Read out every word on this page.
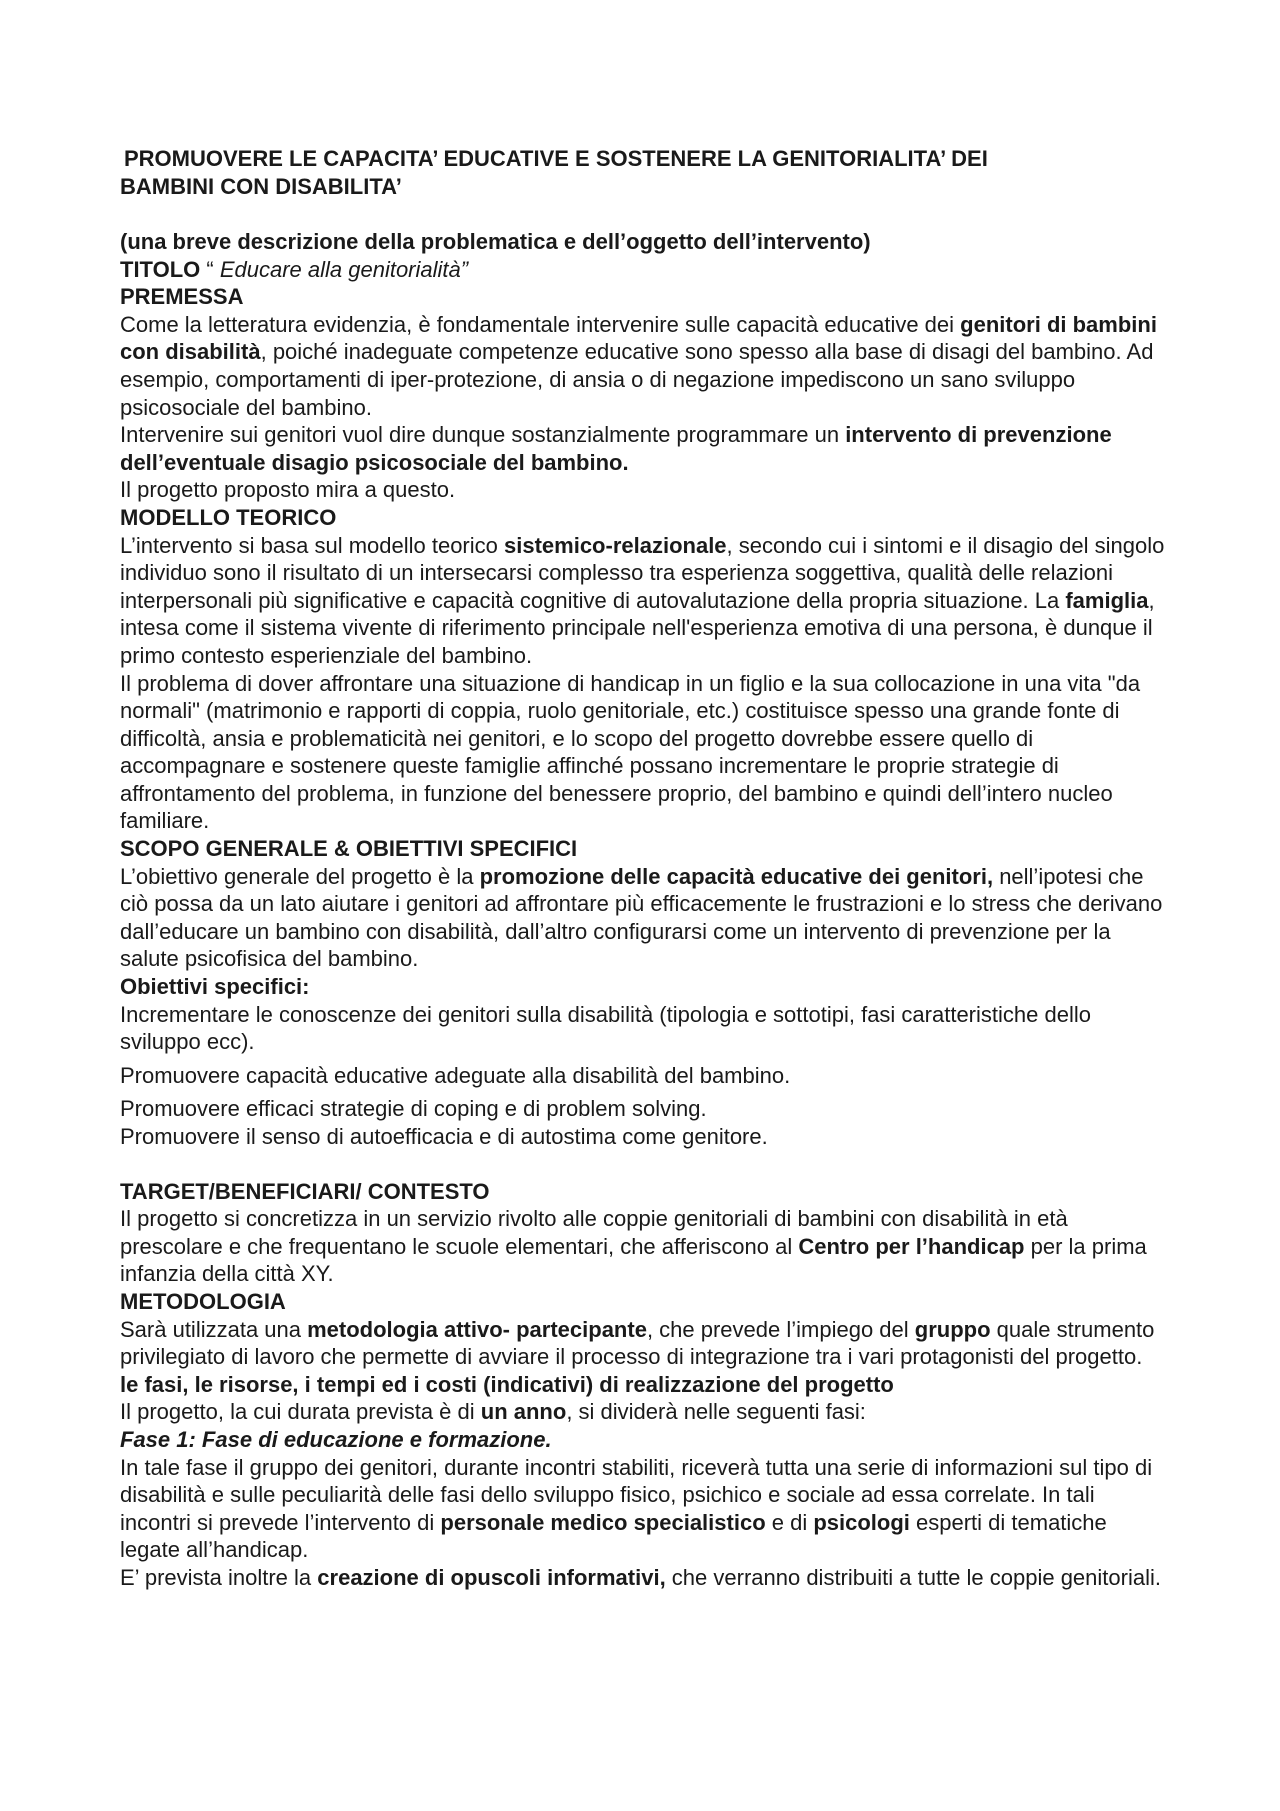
PROMUOVERE LE CAPACITA’ EDUCATIVE E SOSTENERE LA GENITORIALITA’ DEI
BAMBINI CON DISABILITA’

(una breve descrizione della problematica e dell’oggetto dell’intervento)

TITOLO “ Educare alla genitorialità”

PREMESSA

Come la letteratura evidenzia, è fondamentale intervenire sulle capacità educative dei genitori di bambini con disabilità, poiché inadeguate competenze educative sono spesso alla base di disagi del bambino. Ad esempio, comportamenti di iper-protezione, di ansia o di negazione impediscono un sano sviluppo psicosociale del bambino.

Intervenire sui genitori vuol dire dunque sostanzialmente programmare un intervento di prevenzione dell’eventuale disagio psicosociale del bambino.

Il progetto proposto mira a questo.

MODELLO TEORICO

L’intervento si basa sul modello teorico sistemico-relazionale, secondo cui i sintomi e il disagio del singolo individuo sono il risultato di un intersecarsi complesso tra esperienza soggettiva, qualità delle relazioni interpersonali più significative e capacità cognitive di autovalutazione della propria situazione. La famiglia, intesa come il sistema vivente di riferimento principale nell'esperienza emotiva di una persona, è dunque il primo contesto esperienziale del bambino.

Il problema di dover affrontare una situazione di handicap in un figlio e la sua collocazione in una vita "da normali" (matrimonio e rapporti di coppia, ruolo genitoriale, etc.) costituisce spesso una grande fonte di difficoltà, ansia e problematicità nei genitori, e lo scopo del progetto dovrebbe essere quello di accompagnare e sostenere queste famiglie affinché possano incrementare le proprie strategie di affrontamento del problema, in funzione del benessere proprio, del bambino e quindi dell’intero nucleo familiare.

SCOPO GENERALE & OBIETTIVI SPECIFICI

L’obiettivo generale del progetto è la promozione delle capacità educative dei genitori, nell’ipotesi che ciò possa da un lato aiutare i genitori ad affrontare più efficacemente le frustrazioni e lo stress che derivano dall’educare un bambino con disabilità, dall’altro configurarsi come un intervento di prevenzione per la salute psicofisica del bambino.

Obiettivi specifici:

Incrementare le conoscenze dei genitori sulla disabilità (tipologia e sottotipi, fasi caratteristiche dello sviluppo ecc).

Promuovere capacità educative adeguate alla disabilità del bambino.

Promuovere efficaci strategie di coping e di problem solving.

Promuovere il senso di autoefficacia e di autostima come genitore.

TARGET/BENEFICIARI/ CONTESTO

Il progetto si concretizza in un servizio rivolto alle coppie genitoriali di bambini con disabilità in età prescolare e che frequentano le scuole elementari, che afferiscono al Centro per l’handicap per la prima infanzia della città XY.

METODOLOGIA

Sarà utilizzata una metodologia attivo- partecipante, che prevede l’impiego del gruppo quale strumento privilegiato di lavoro che permette di avviare il processo di integrazione tra i vari protagonisti del progetto.

le fasi, le risorse, i tempi ed i costi (indicativi) di realizzazione del progetto

Il progetto, la cui durata prevista è di un anno, si dividerà nelle seguenti fasi:

Fase 1: Fase di educazione e formazione.

In tale fase il gruppo dei genitori, durante incontri stabiliti, riceverà tutta una serie di informazioni sul tipo di disabilità e sulle peculiarità delle fasi dello sviluppo fisico, psichico e sociale ad essa correlate. In tali incontri si prevede l’intervento di personale medico specialistico e di psicologi esperti di tematiche legate all’handicap.

E’ prevista inoltre la creazione di opuscoli informativi, che verranno distribuiti a tutte le coppie genitoriali.
